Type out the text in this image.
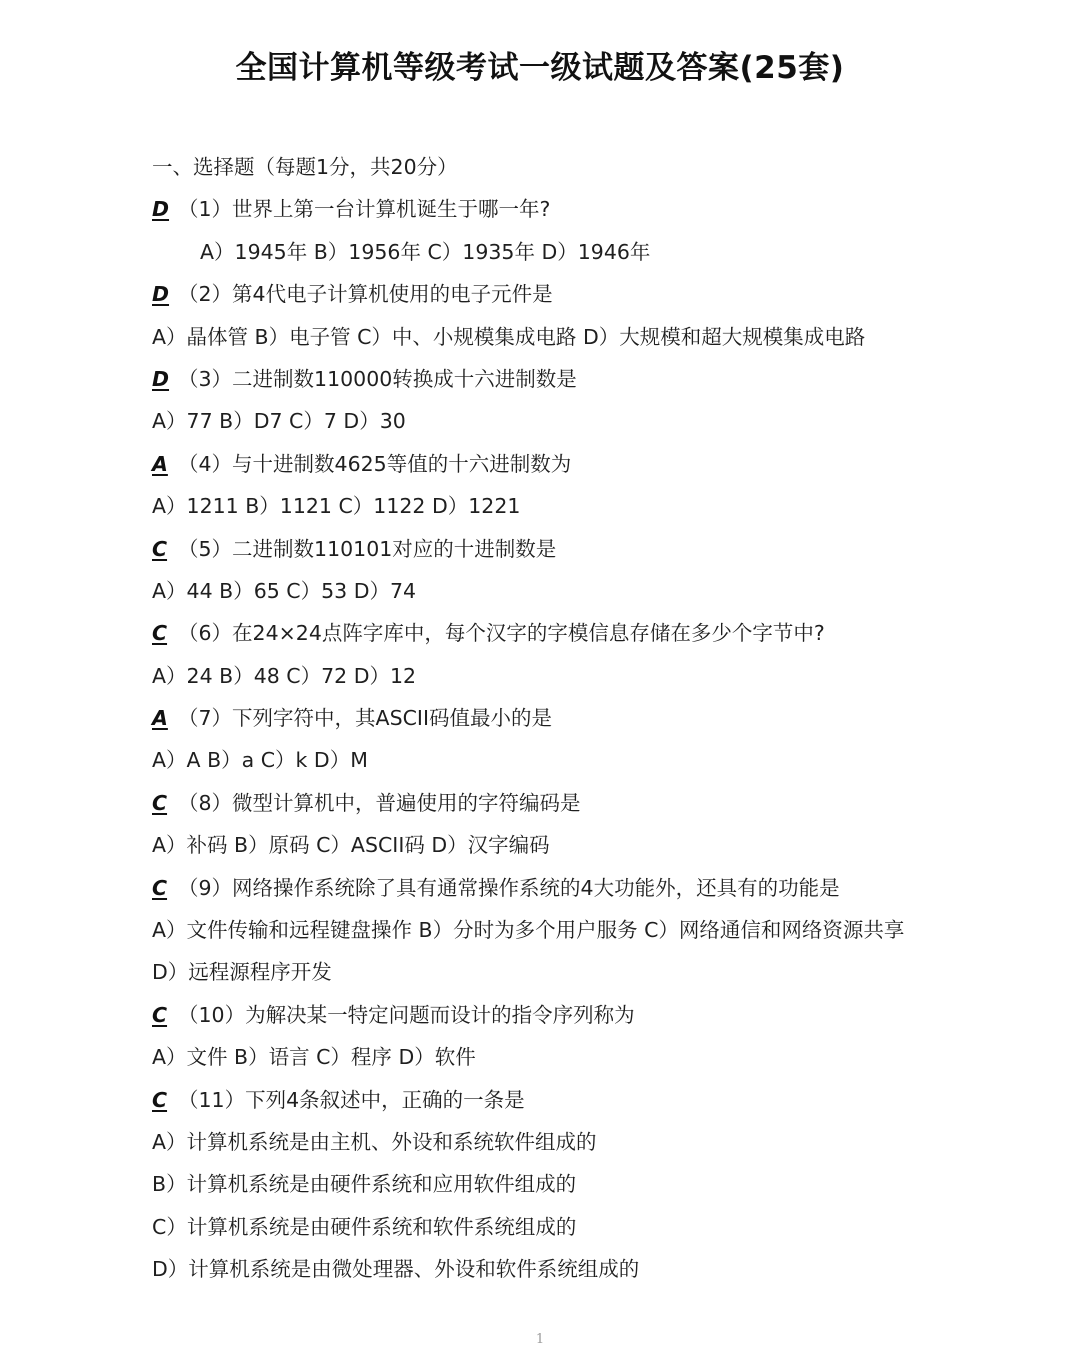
全国计算机等级考试一级试题及答案(25套)
一、选择题（每题1分，共20分）
D （1）世界上第一台计算机诞生于哪一年?
A）1945年 B）1956年 C）1935年 D）1946年
D （2）第4代电子计算机使用的电子元件是
A）晶体管 B）电子管 C）中、小规模集成电路 D）大规模和超大规模集成电路
D （3）二进制数110000转换成十六进制数是
A）77 B）D7 C）7 D）30
A （4）与十进制数4625等值的十六进制数为
A）1211 B）1121 C）1122 D）1221
C （5）二进制数110101对应的十进制数是
A）44 B）65 C）53 D）74
C （6）在24×24点阵字库中，每个汉字的字模信息存储在多少个字节中?
A）24 B）48 C）72 D）12
A （7）下列字符中，其ASCII码值最小的是
A）A B）a C）k D）M
C （8）微型计算机中，普遍使用的字符编码是
A）补码 B）原码 C）ASCII码 D）汉字编码
C （9）网络操作系统除了具有通常操作系统的4大功能外，还具有的功能是
A）文件传输和远程键盘操作 B）分时为多个用户服务 C）网络通信和网络资源共享
D）远程源程序开发
C （10）为解决某一特定问题而设计的指令序列称为
A）文件 B）语言 C）程序 D）软件
C （11）下列4条叙述中，正确的一条是
A）计算机系统是由主机、外设和系统软件组成的
B）计算机系统是由硬件系统和应用软件组成的
C）计算机系统是由硬件系统和软件系统组成的
D）计算机系统是由微处理器、外设和软件系统组成的
1
